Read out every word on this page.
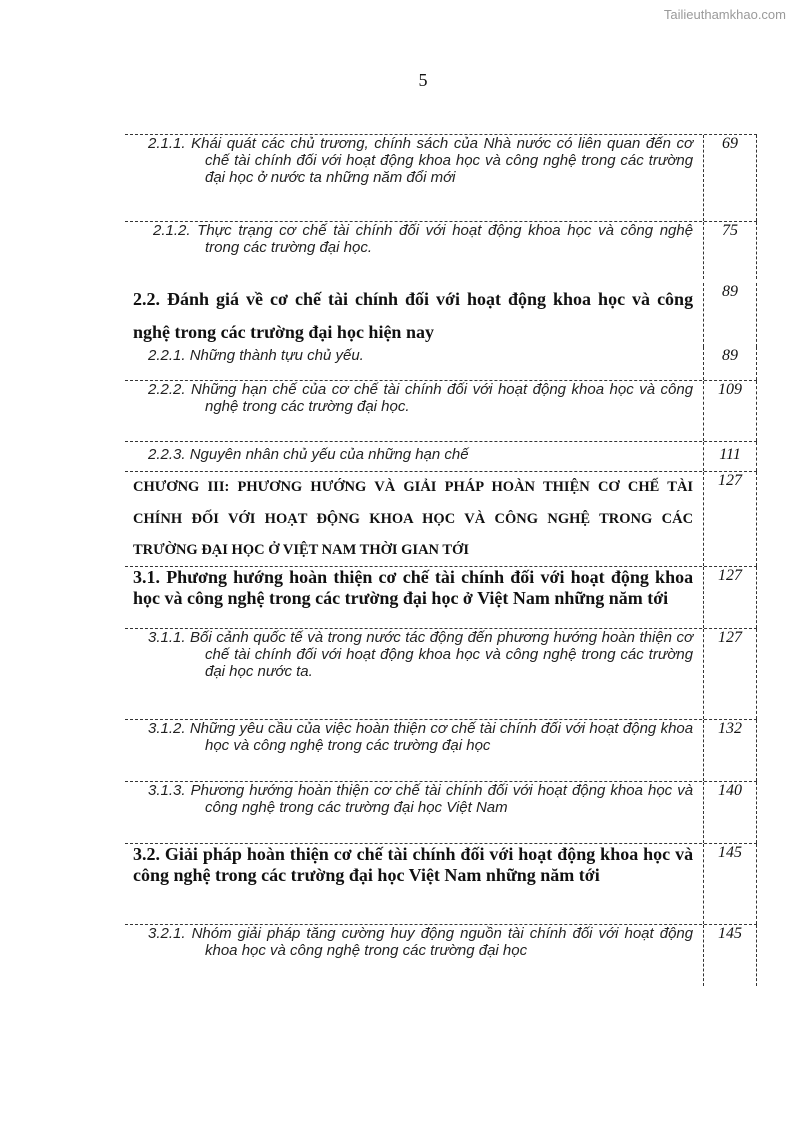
Tailieuthamkhao.com
5
2.1.1. Khái quát các chủ trương, chính sách của Nhà nước có liên quan đến cơ chế tài chính đối với hoạt động khoa học và công nghệ trong các trường đại học ở nước ta những năm đổi mới
69
2.1.2. Thực trạng cơ chế tài chính đối với hoạt động khoa học và công nghệ trong các trường đại học.
75
2.2. Đánh giá về cơ chế tài chính đối với hoạt động khoa học và công nghệ trong các trường đại học hiện nay
89
2.2.1. Những thành tựu chủ yếu.	89
2.2.2. Những hạn chế của cơ chế tài chính đối với hoạt động khoa học và công nghệ trong các trường đại học.
109
2.2.3. Nguyên nhân chủ yếu của những hạn chế	111
CHƯƠNG III: PHƯƠNG HƯỚNG VÀ GIẢI PHÁP HOÀN THIỆN CƠ CHẾ TÀI CHÍNH ĐỐI VỚI HOẠT ĐỘNG KHOA HỌC VÀ CÔNG NGHỆ TRONG CÁC TRƯỜNG ĐẠI HỌC Ở VIỆT NAM THỜI GIAN TỚI
127
3.1. Phương hướng hoàn thiện cơ chế tài chính đối với hoạt động khoa học và công nghệ trong các trường đại học ở Việt Nam những năm tới
127
3.1.1. Bối cảnh quốc tế và trong nước tác động đến phương hướng hoàn thiện cơ chế tài chính đối với hoạt động khoa học và công nghệ trong các trường đại học nước ta.
127
3.1.2. Những yêu cầu của việc hoàn thiện cơ chế tài chính đối với hoạt động khoa học và công nghệ trong các trường đại học
132
3.1.3. Phương hướng hoàn thiện cơ chế tài chính đối với hoạt động khoa học và công nghệ trong các trường đại học Việt Nam
140
3.2. Giải pháp hoàn thiện cơ chế tài chính đối với hoạt động khoa học và công nghệ trong các trường đại học Việt Nam những năm tới
145
3.2.1. Nhóm giải pháp tăng cường huy động nguồn tài chính đối với hoạt động khoa học và công nghệ trong các trường đại học
145
